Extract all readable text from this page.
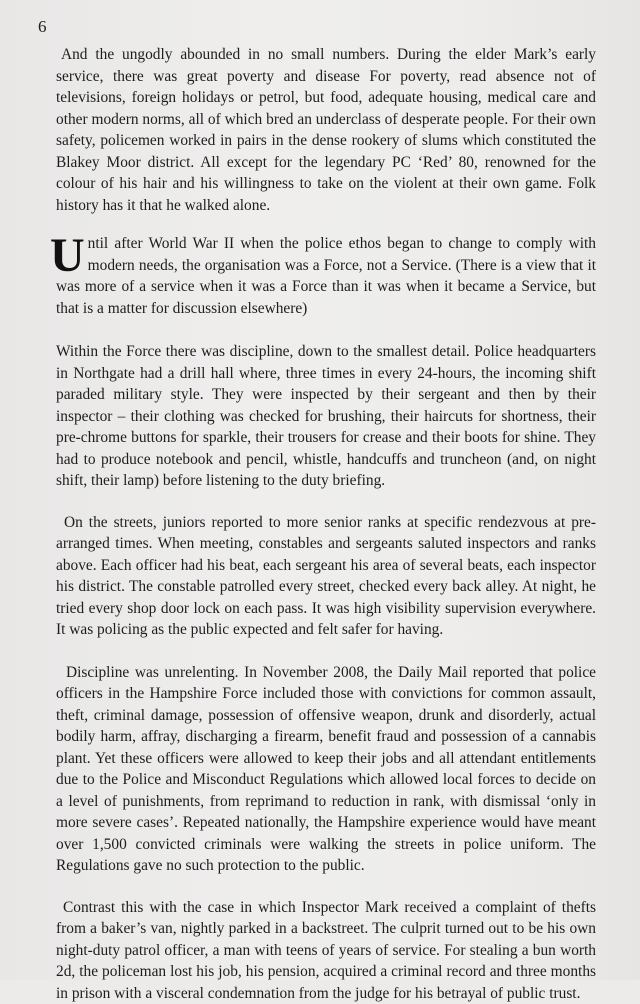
6

And the ungodly abounded in no small numbers. During the elder Mark’s early service, there was great poverty and disease For poverty, read absence not of televisions, foreign holidays or petrol, but food, adequate housing, medical care and other modern norms, all of which bred an underclass of desperate people. For their own safety, policemen worked in pairs in the dense rookery of slums which constituted the Blakey Moor district. All except for the legendary PC ‘Red’ 80, renowned for the colour of his hair and his willingness to take on the violent at their own game. Folk history has it that he walked alone.

Until after World War II when the police ethos began to change to comply with modern needs, the organisation was a Force, not a Service. (There is a view that it was more of a service when it was a Force than it was when it became a Service, but that is a matter for discussion elsewhere)

Within the Force there was discipline, down to the smallest detail. Police headquarters in Northgate had a drill hall where, three times in every 24-hours, the incoming shift paraded military style. They were inspected by their sergeant and then by their inspector – their clothing was checked for brushing, their haircuts for shortness, their pre-chrome buttons for sparkle, their trousers for crease and their boots for shine. They had to produce notebook and pencil, whistle, handcuffs and truncheon (and, on night shift, their lamp) before listening to the duty briefing.

On the streets, juniors reported to more senior ranks at specific rendezvous at pre-arranged times. When meeting, constables and sergeants saluted inspectors and ranks above. Each officer had his beat, each sergeant his area of several beats, each inspector his district. The constable patrolled every street, checked every back alley. At night, he tried every shop door lock on each pass. It was high visibility supervision everywhere. It was policing as the public expected and felt safer for having.

Discipline was unrelenting. In November 2008, the Daily Mail reported that police officers in the Hampshire Force included those with convictions for common assault, theft, criminal damage, possession of offensive weapon, drunk and disorderly, actual bodily harm, affray, discharging a firearm, benefit fraud and possession of a cannabis plant. Yet these officers were allowed to keep their jobs and all attendant entitlements due to the Police and Misconduct Regulations which allowed local forces to decide on a level of punishments, from reprimand to reduction in rank, with dismissal ‘only in more severe cases’. Repeated nationally, the Hampshire experience would have meant over 1,500 convicted criminals were walking the streets in police uniform. The Regulations gave no such protection to the public.

Contrast this with the case in which Inspector Mark received a complaint of thefts from a baker’s van, nightly parked in a backstreet. The culprit turned out to be his own night-duty patrol officer, a man with teens of years of service. For stealing a bun worth 2d, the policeman lost his job, his pension, acquired a criminal record and three months in prison with a visceral condemnation from the judge for his betrayal of public trust.
